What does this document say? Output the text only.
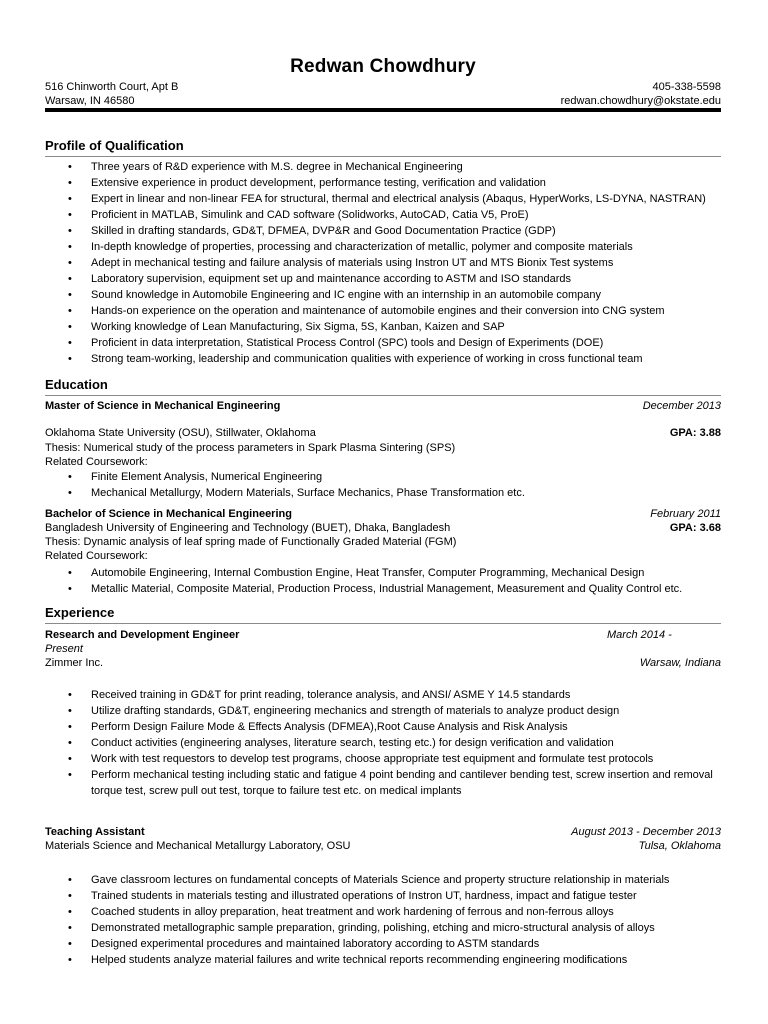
Redwan Chowdhury
516 Chinworth Court, Apt B
Warsaw, IN 46580
405-338-5598
redwan.chowdhury@okstate.edu
Profile of Qualification
• Three years of R&D experience with M.S. degree in Mechanical Engineering
• Extensive experience in product development, performance testing, verification and validation
• Expert in linear and non-linear FEA for structural, thermal and electrical analysis (Abaqus, HyperWorks, LS-DYNA, NASTRAN)
• Proficient in MATLAB, Simulink and CAD software (Solidworks, AutoCAD, Catia V5, ProE)
• Skilled in drafting standards, GD&T, DFMEA, DVP&R and Good Documentation Practice (GDP)
• In-depth knowledge of properties, processing and characterization of metallic, polymer and composite materials
• Adept in mechanical testing and failure analysis of materials using Instron UT and MTS Bionix Test systems
• Laboratory supervision, equipment set up and maintenance according to ASTM and ISO standards
• Sound knowledge in Automobile Engineering and IC engine with an internship in an automobile company
• Hands-on experience on the operation and maintenance of automobile engines and their conversion into CNG system
• Working knowledge of Lean Manufacturing, Six Sigma, 5S, Kanban, Kaizen and SAP
• Proficient in data interpretation, Statistical Process Control (SPC) tools and Design of Experiments (DOE)
• Strong team-working, leadership and communication qualities with experience of working in cross functional team
Education
Master of Science in Mechanical Engineering	December 2013
Oklahoma State University (OSU), Stillwater, Oklahoma	GPA: 3.88
Thesis: Numerical study of the process parameters in Spark Plasma Sintering (SPS)
Related Coursework:
• Finite Element Analysis, Numerical Engineering
• Mechanical Metallurgy, Modern Materials, Surface Mechanics, Phase Transformation etc.
Bachelor of Science in Mechanical Engineering	February 2011
Bangladesh University of Engineering and Technology (BUET), Dhaka, Bangladesh	GPA: 3.68
Thesis: Dynamic analysis of leaf spring made of Functionally Graded Material (FGM)
Related Coursework:
• Automobile Engineering, Internal Combustion Engine, Heat Transfer, Computer Programming, Mechanical Design
• Metallic Material, Composite Material, Production Process, Industrial Management, Measurement and Quality Control etc.
Experience
Research and Development Engineer	March 2014 -
Present
Zimmer Inc.	Warsaw, Indiana
• Received training in GD&T for print reading, tolerance analysis, and ANSI/ ASME Y 14.5 standards
• Utilize drafting standards, GD&T, engineering mechanics and strength of materials to analyze product design
• Perform Design Failure Mode & Effects Analysis (DFMEA),Root Cause Analysis and Risk Analysis
• Conduct activities (engineering analyses, literature search, testing etc.) for design verification and validation
• Work with test requestors to develop test programs, choose appropriate test equipment and formulate test protocols
• Perform mechanical testing including static and fatigue 4 point bending and cantilever bending test, screw insertion and removal torque test, screw pull out test, torque to failure test etc. on medical implants
Teaching Assistant	August 2013 - December 2013
Materials Science and Mechanical Metallurgy Laboratory, OSU	Tulsa, Oklahoma
• Gave classroom lectures on fundamental concepts of Materials Science and property structure relationship in materials
• Trained students in materials testing and illustrated operations of Instron UT, hardness, impact and fatigue tester
• Coached students in alloy preparation, heat treatment and work hardening of ferrous and non-ferrous alloys
• Demonstrated metallographic sample preparation, grinding, polishing, etching and micro-structural analysis of alloys
• Designed experimental procedures and maintained laboratory according to ASTM standards
• Helped students analyze material failures and write technical reports recommending engineering modifications
